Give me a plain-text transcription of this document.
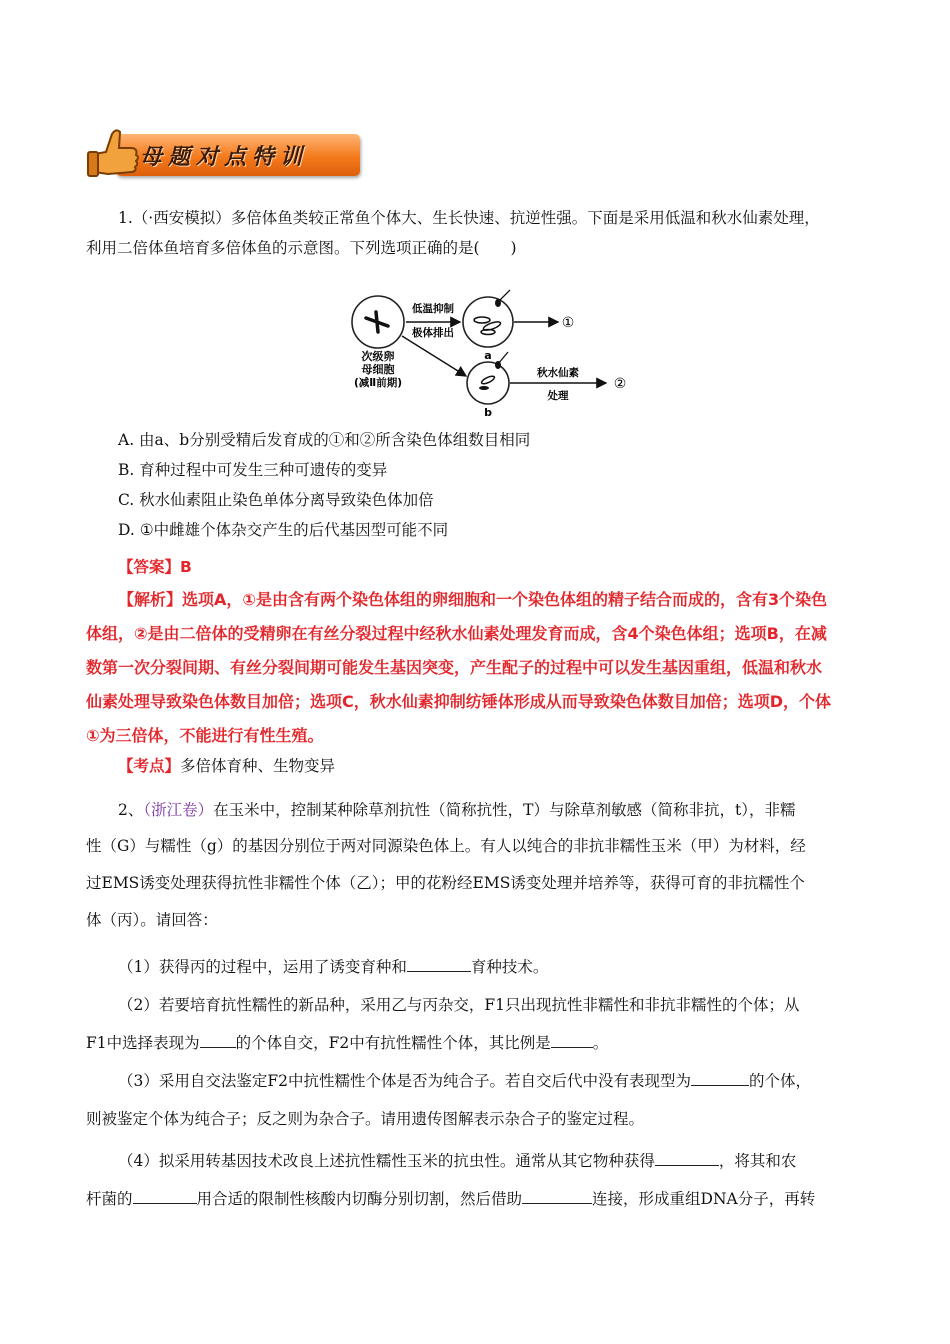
母题对点特训
1.（·西安模拟）多倍体鱼类较正常鱼个体大、生长快速、抗逆性强。下面是采用低温和秋水仙素处理，
利用二倍体鱼培育多倍体鱼的示意图。下列选项正确的是(　　)
次级卵
母细胞
(减Ⅱ前期)
低温抑制
极体排出
a
①
b
秋水仙素
处理
②
A. 由a、b分别受精后发育成的①和②所含染色体组数目相同
B. 育种过程中可发生三种可遗传的变异
C. 秋水仙素阻止染色单体分离导致染色体加倍
D. ①中雌雄个体杂交产生的后代基因型可能不同
【答案】B
【解析】选项A，①是由含有两个染色体组的卵细胞和一个染色体组的精子结合而成的，含有3个染色
体组，②是由二倍体的受精卵在有丝分裂过程中经秋水仙素处理发育而成，含4个染色体组；选项B，在减
数第一次分裂间期、有丝分裂间期可能发生基因突变，产生配子的过程中可以发生基因重组，低温和秋水
仙素处理导致染色体数目加倍；选项C，秋水仙素抑制纺锤体形成从而导致染色体数目加倍；选项D，个体
①为三倍体，不能进行有性生殖。
【考点】多倍体育种、生物变异
2、（浙江卷）在玉米中，控制某种除草剂抗性（简称抗性，T）与除草剂敏感（简称非抗，t），非糯
性（G）与糯性（g）的基因分别位于两对同源染色体上。有人以纯合的非抗非糯性玉米（甲）为材料，经
过EMS诱变处理获得抗性非糯性个体（乙）；甲的花粉经EMS诱变处理并培养等，获得可育的非抗糯性个
体（丙）。请回答：
（1）获得丙的过程中，运用了诱变育种和	育种技术。
（2）若要培育抗性糯性的新品种，采用乙与丙杂交，F1只出现抗性非糯性和非抗非糯性的个体；从
F1中选择表现为 的个体自交，F2中有抗性糯性个体，其比例是	。
（3）采用自交法鉴定F2中抗性糯性个体是否为纯合子。若自交后代中没有表现型为	的个体，
则被鉴定个体为纯合子；反之则为杂合子。请用遗传图解表示杂合子的鉴定过程。
（4）拟采用转基因技术改良上述抗性糯性玉米的抗虫性。通常从其它物种获得	，将其和农
杆菌的	用合适的限制性核酸内切酶分别切割，然后借助	连接，形成重组DNA分子，再转
